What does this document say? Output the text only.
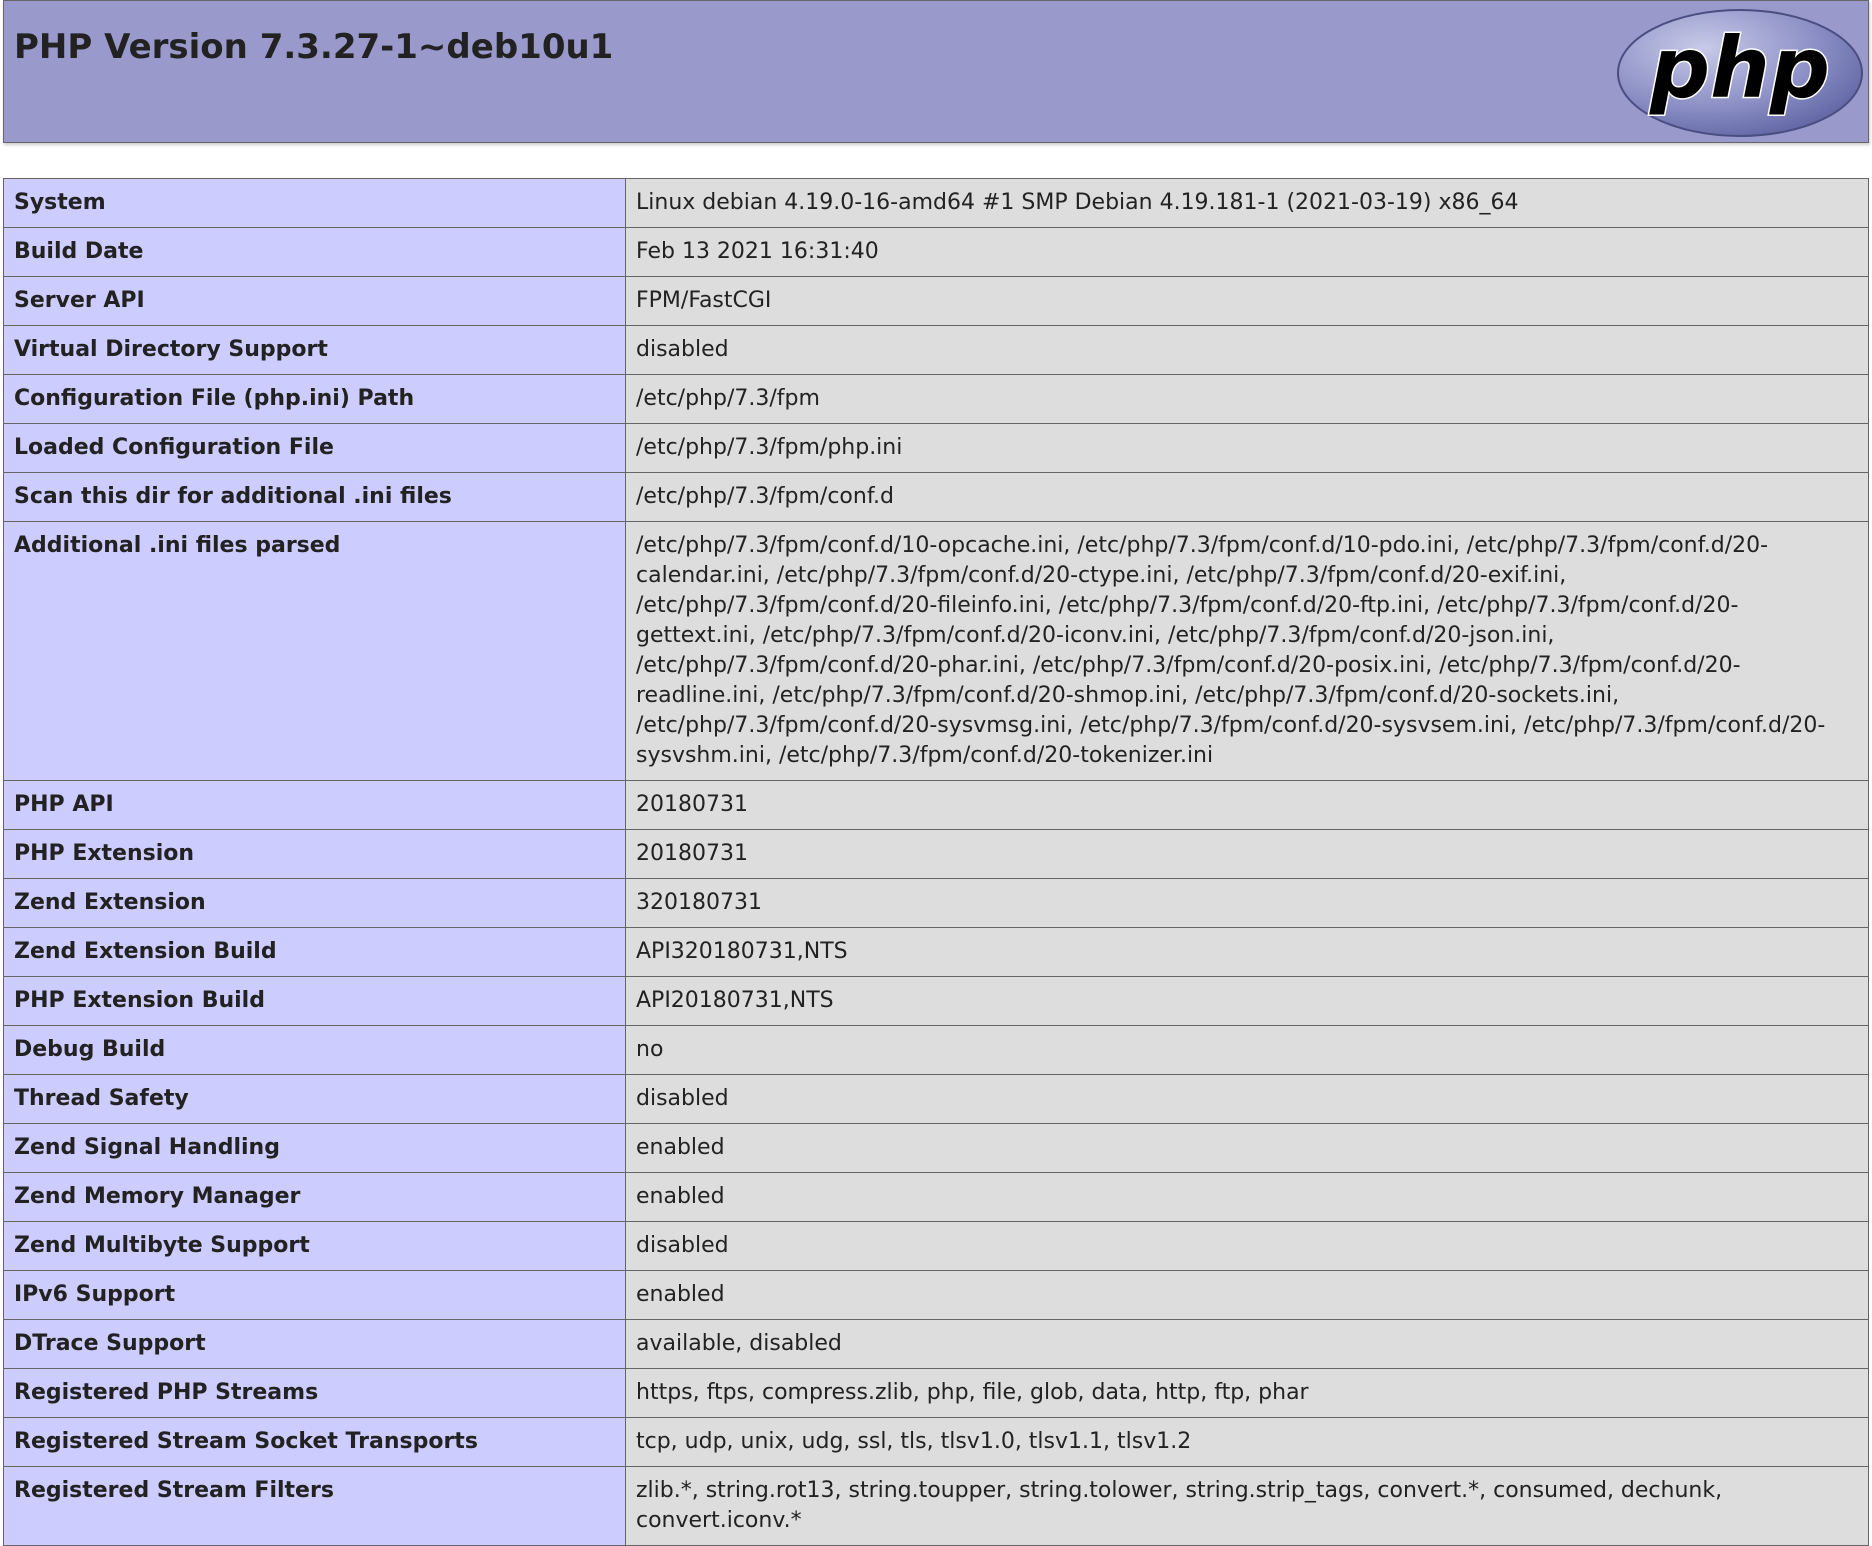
PHP Version 7.3.27-1~deb10u1	php
System	Linux debian 4.19.0-16-amd64 #1 SMP Debian 4.19.181-1 (2021-03-19) x86_64
Build Date	Feb 13 2021 16:31:40
Server API	FPM/FastCGI
Virtual Directory Support	disabled
Configuration File (php.ini) Path	/etc/php/7.3/fpm
Loaded Configuration File	/etc/php/7.3/fpm/php.ini
Scan this dir for additional .ini files	/etc/php/7.3/fpm/conf.d
Additional .ini files parsed	/etc/php/7.3/fpm/conf.d/10-opcache.ini, /etc/php/7.3/fpm/conf.d/10-pdo.ini, /etc/php/7.3/fpm/conf.d/20-calendar.ini, /etc/php/7.3/fpm/conf.d/20-ctype.ini, /etc/php/7.3/fpm/conf.d/20-exif.ini, /etc/php/7.3/fpm/conf.d/20-fileinfo.ini, /etc/php/7.3/fpm/conf.d/20-ftp.ini, /etc/php/7.3/fpm/conf.d/20-gettext.ini, /etc/php/7.3/fpm/conf.d/20-iconv.ini, /etc/php/7.3/fpm/conf.d/20-json.ini, /etc/php/7.3/fpm/conf.d/20-phar.ini, /etc/php/7.3/fpm/conf.d/20-posix.ini, /etc/php/7.3/fpm/conf.d/20-readline.ini, /etc/php/7.3/fpm/conf.d/20-shmop.ini, /etc/php/7.3/fpm/conf.d/20-sockets.ini, /etc/php/7.3/fpm/conf.d/20-sysvmsg.ini, /etc/php/7.3/fpm/conf.d/20-sysvsem.ini, /etc/php/7.3/fpm/conf.d/20-sysvshm.ini, /etc/php/7.3/fpm/conf.d/20-tokenizer.ini
PHP API	20180731
PHP Extension	20180731
Zend Extension	320180731
Zend Extension Build	API320180731,NTS
PHP Extension Build	API20180731,NTS
Debug Build	no
Thread Safety	disabled
Zend Signal Handling	enabled
Zend Memory Manager	enabled
Zend Multibyte Support	disabled
IPv6 Support	enabled
DTrace Support	available, disabled
Registered PHP Streams	https, ftps, compress.zlib, php, file, glob, data, http, ftp, phar
Registered Stream Socket Transports	tcp, udp, unix, udg, ssl, tls, tlsv1.0, tlsv1.1, tlsv1.2
Registered Stream Filters	zlib.*, string.rot13, string.toupper, string.tolower, string.strip_tags, convert.*, consumed, dechunk, convert.iconv.*
